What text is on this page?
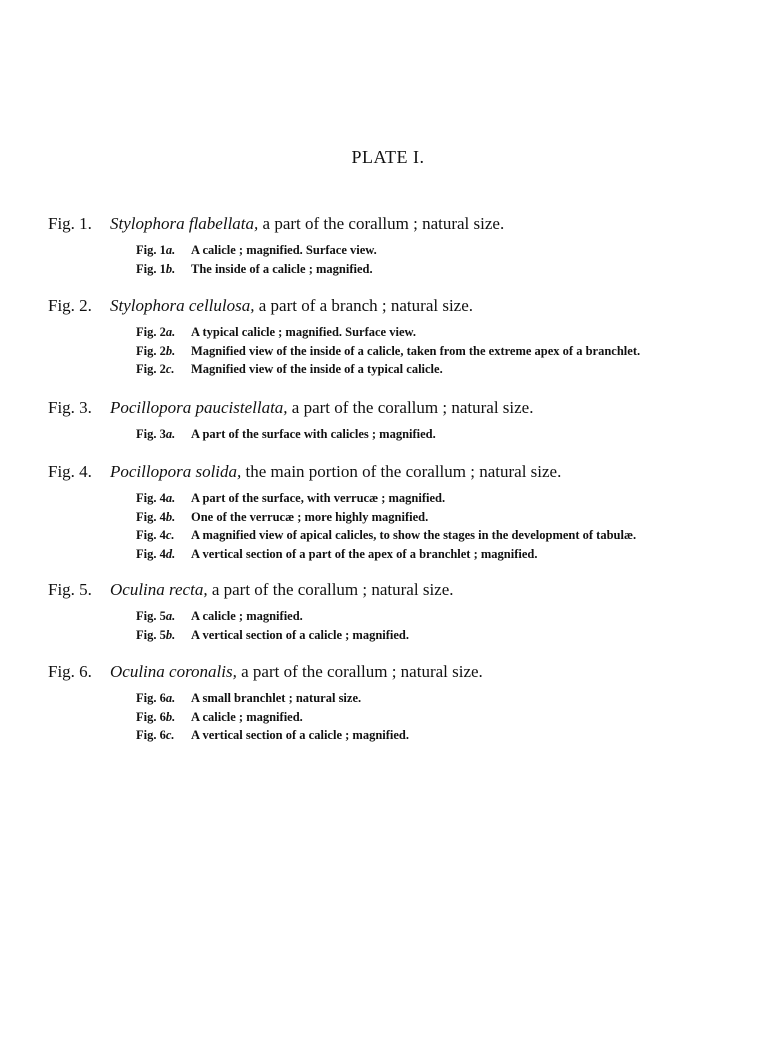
PLATE I.
Fig. 1. Stylophora flabellata, a part of the corallum ; natural size.
Fig. 1a. A calicle ; magnified. Surface view.
Fig. 1b. The inside of a calicle ; magnified.
Fig. 2. Stylophora cellulosa, a part of a branch ; natural size.
Fig. 2a. A typical calicle ; magnified. Surface view.
Fig. 2b. Magnified view of the inside of a calicle, taken from the extreme apex of a branchlet.
Fig. 2c. Magnified view of the inside of a typical calicle.
Fig. 3. Pocillopora paucistellata, a part of the corallum ; natural size.
Fig. 3a. A part of the surface with calicles ; magnified.
Fig. 4. Pocillopora solida, the main portion of the corallum ; natural size.
Fig. 4a. A part of the surface, with verrucæ ; magnified.
Fig. 4b. One of the verrucæ ; more highly magnified.
Fig. 4c. A magnified view of apical calicles, to show the stages in the development of tabulæ.
Fig. 4d. A vertical section of a part of the apex of a branchlet ; magnified.
Fig. 5. Oculina recta, a part of the corallum ; natural size.
Fig. 5a. A calicle ; magnified.
Fig. 5b. A vertical section of a calicle ; magnified.
Fig. 6. Oculina coronalis, a part of the corallum ; natural size.
Fig. 6a. A small branchlet ; natural size.
Fig. 6b. A calicle ; magnified.
Fig. 6c. A vertical section of a calicle ; magnified.
